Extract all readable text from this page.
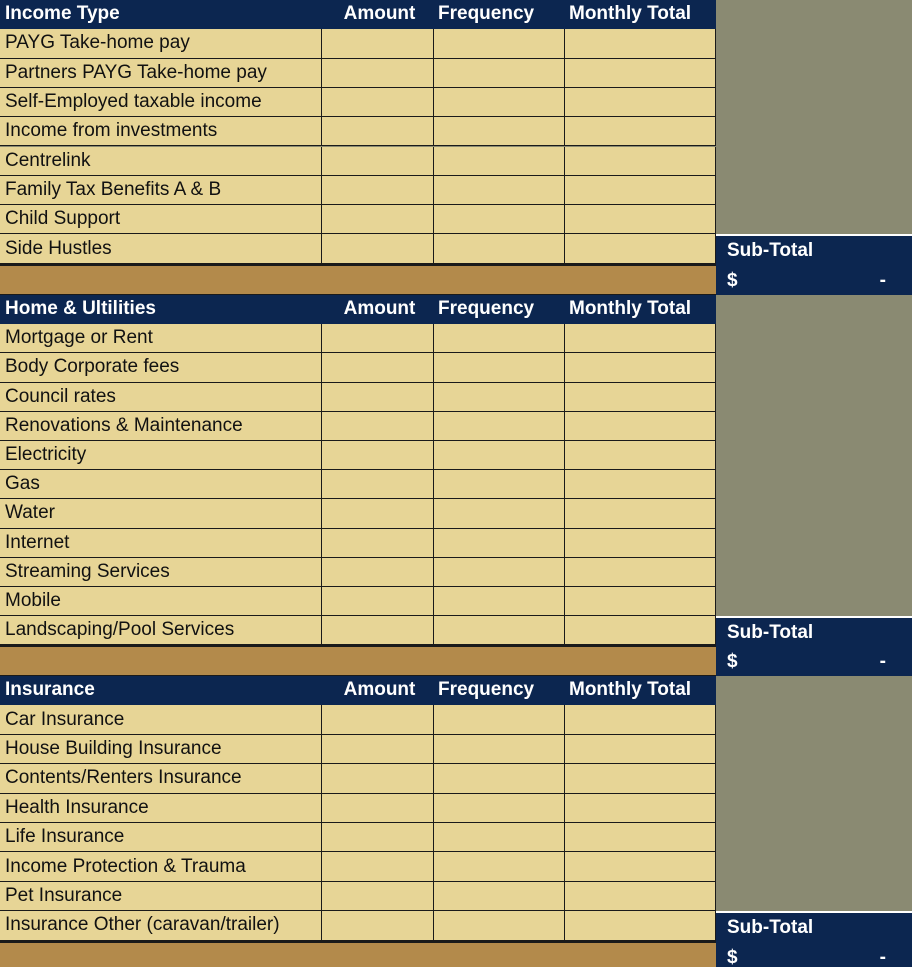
Income Type	Amount	Frequency	Monthly Total
PAYG Take-home pay
Partners PAYG Take-home pay
Self-Employed taxable income
Income from investments
Centrelink
Family Tax Benefits A & B
Child Support
Side Hustles	Sub-Total
$	-
Home & Ultilities	Amount	Frequency	Monthly Total
Mortgage or Rent
Body Corporate fees
Council rates
Renovations & Maintenance
Electricity
Gas
Water
Internet
Streaming Services
Mobile
Landscaping/Pool Services	Sub-Total
$	-
Insurance	Amount	Frequency	Monthly Total
Car Insurance
House Building Insurance
Contents/Renters Insurance
Health Insurance
Life Insurance
Income Protection & Trauma
Pet Insurance
Insurance Other (caravan/trailer)	Sub-Total
$	-
